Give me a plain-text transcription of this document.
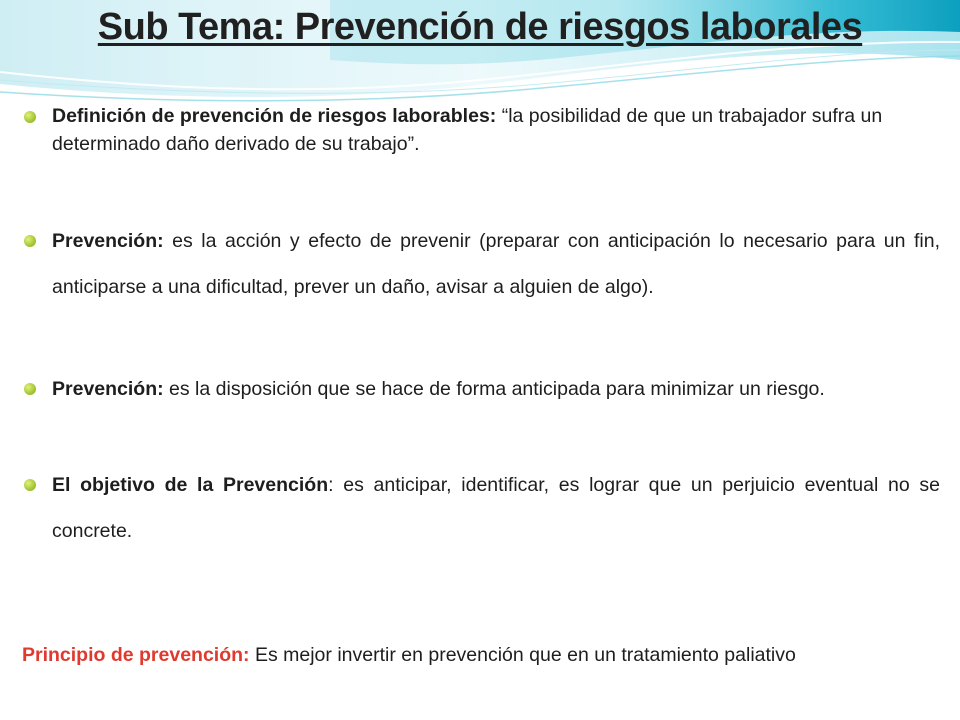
Sub Tema: Prevención de riesgos laborales
Definición de prevención de riesgos laborables: “la posibilidad de que un trabajador sufra un determinado daño derivado de su trabajo”.
Prevención: es la acción y efecto de prevenir (preparar con anticipación lo necesario para un fin, anticiparse a una dificultad, prever un daño, avisar a alguien de algo).
Prevención: es la disposición que se hace de forma anticipada para minimizar un riesgo.
El objetivo de la Prevención: es anticipar, identificar, es lograr que un perjuicio eventual no se concrete.

Principio de prevención: Es mejor invertir en prevención que en un tratamiento paliativo
